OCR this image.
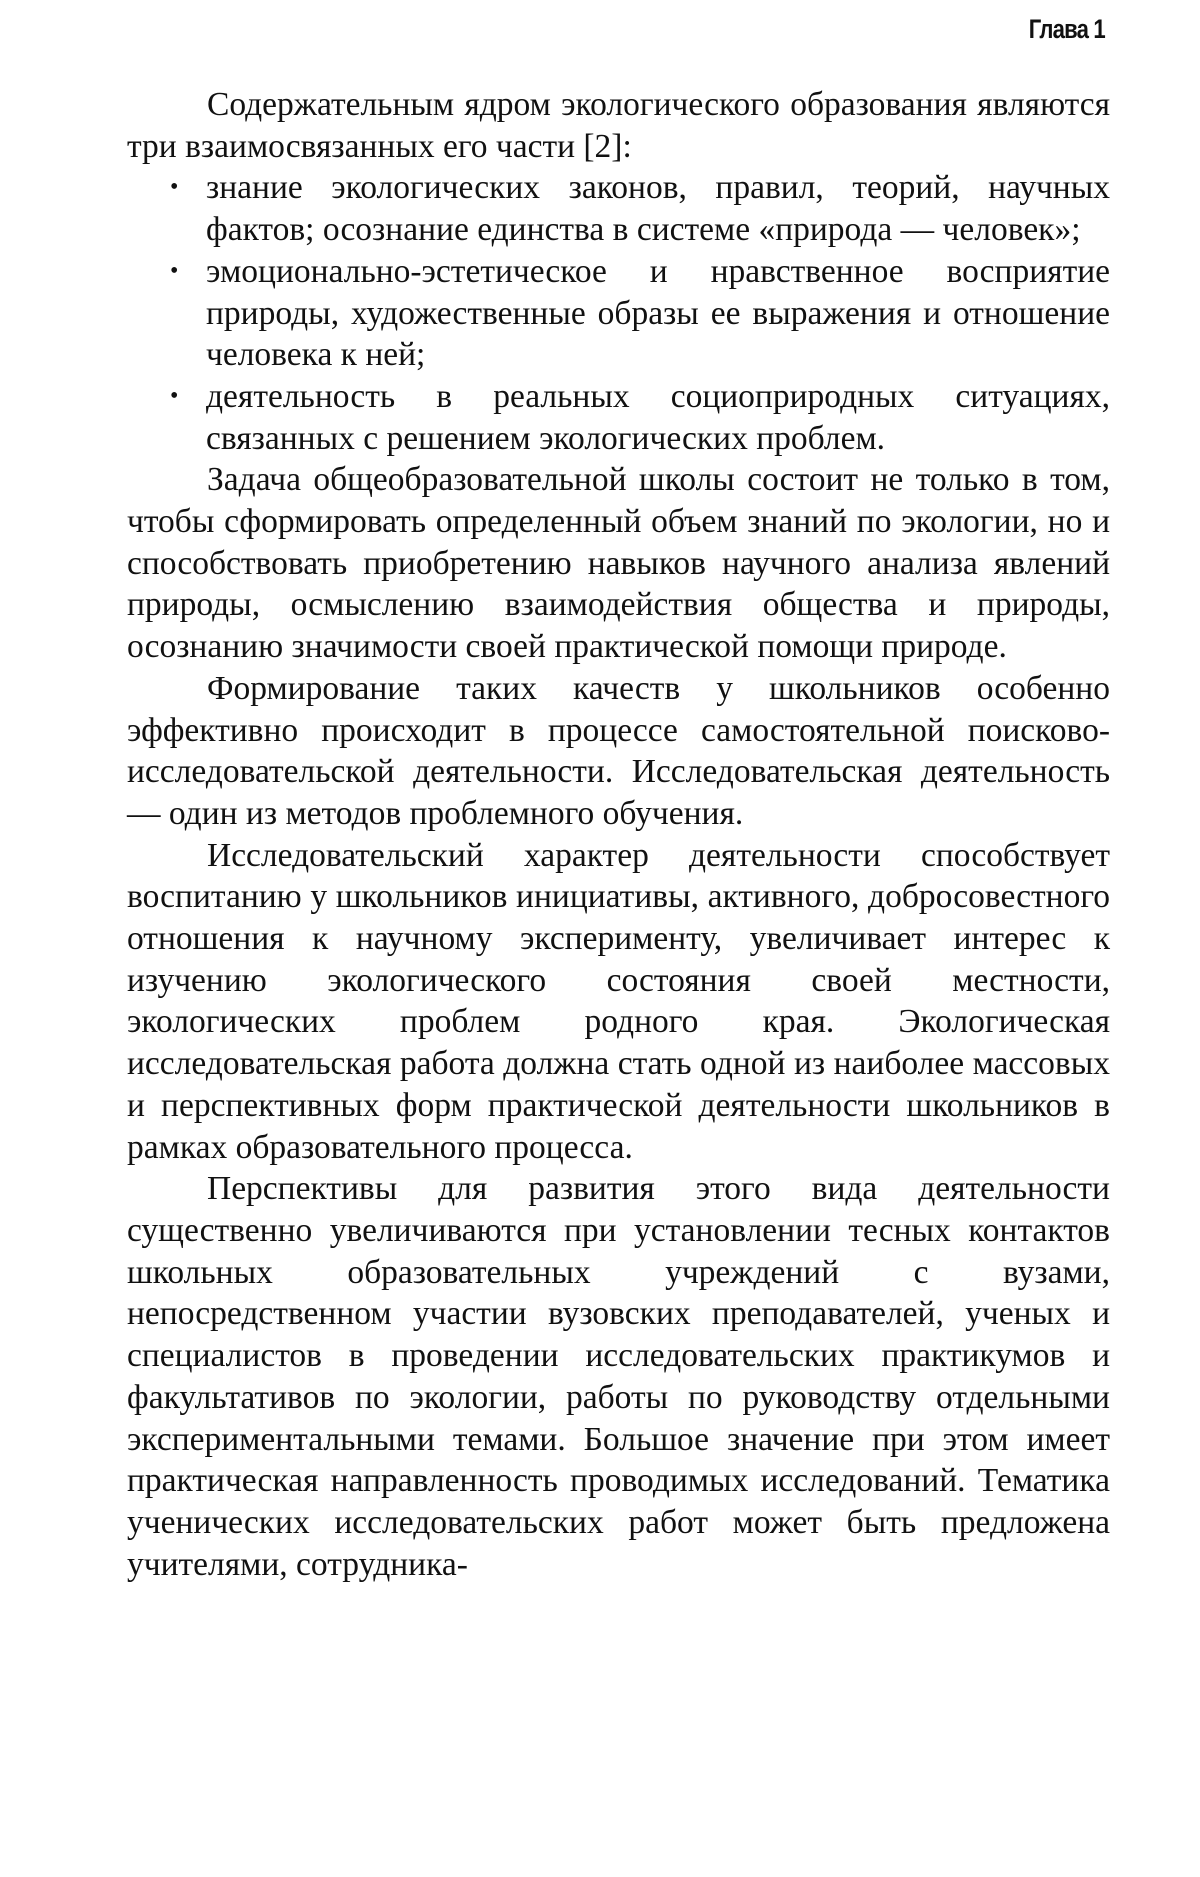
Глава 1

Содержательным ядром экологического образования являются три взаимосвязанных его части [2]:

• знание экологических законов, правил, теорий, научных фактов; осознание единства в системе «природа — человек»;
• эмоционально-эстетическое и нравственное восприятие природы, художественные образы ее выражения и отношение человека к ней;
• деятельность в реальных социоприродных ситуациях, связанных с решением экологических проблем.

Задача общеобразовательной школы состоит не только в том, чтобы сформировать определенный объем знаний по экологии, но и способствовать приобретению навыков научного анализа явлений природы, осмыслению взаимодействия общества и природы, осознанию значимости своей практической помощи природе.

Формирование таких качеств у школьников особенно эффективно происходит в процессе самостоятельной поисково-исследовательской деятельности. Исследовательская деятельность — один из методов проблемного обучения.

Исследовательский характер деятельности способствует воспитанию у школьников инициативы, активного, добросовестного отношения к научному эксперименту, увеличивает интерес к изучению экологического состояния своей местности, экологических проблем родного края. Экологическая исследовательская работа должна стать одной из наиболее массовых и перспективных форм практической деятельности школьников в рамках образовательного процесса.

Перспективы для развития этого вида деятельности существенно увеличиваются при установлении тесных контактов школьных образовательных учреждений с вузами, непосредственном участии вузовских преподавателей, ученых и специалистов в проведении исследовательских практикумов и факультативов по экологии, работы по руководству отдельными экспериментальными темами. Большое значение при этом имеет практическая направленность проводимых исследований. Тематика ученических исследовательских работ может быть предложена учителями, сотрудника-
